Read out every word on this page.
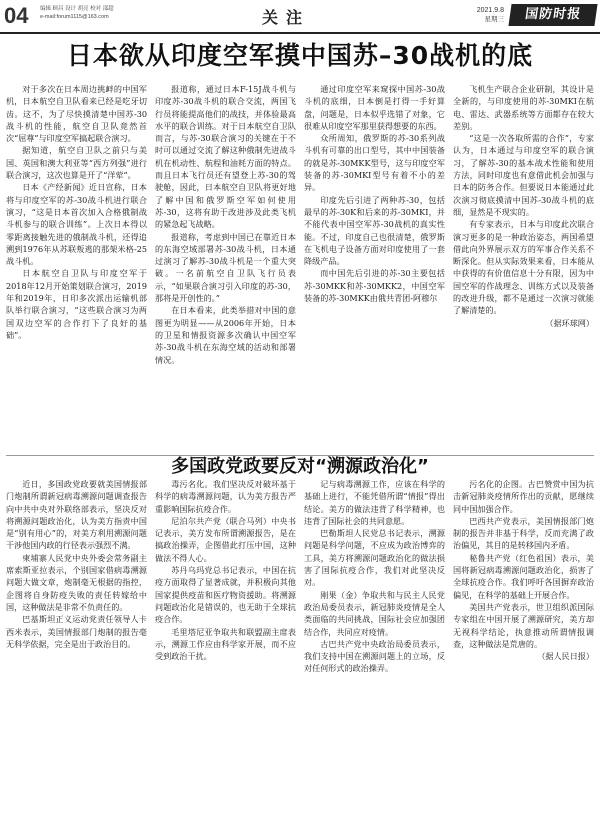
04 编辑 顾昌 设计 胡亮 校对 邵超
e-mail:forum1115@163.com	关注	2021.9.8
星期三	国防时报
日本欲从印度空军摸中国苏–30战机的底

对于多次在日本周边挑衅的中国军机，日本航空自卫队看来已经是吃牙切齿。这不，为了尽快摸清楚中国苏-30战斗机的性能，航空自卫队竟然首次“屈尊”与印度空军搞起联合演习。

据知道，航空自卫队之前只与美国、英国和澳大利亚等“西方列强”进行联合演习，这次也算是开了“洋荤”。

日本《产经新闻》近日宣称，日本将与印度空军的苏-30战斗机进行联合演习，“这是日本首次加入合格俄制战斗机参与的联合训练”。上次日本得以零距离接触先进的俄制战斗机，还得追溯到1976年从苏联叛逃的那架米格-25战斗机。

日本航空自卫队与印度空军于2018年12月开始策划联合演习，2019年和2019年，日印多次派出运输机部队举行联合演习，“这些联合演习为两国双边空军的合作打下了良好的基础”。

报道称，通过日本F-15J战斗机与印度苏-30战斗机的联合交流，两国飞行员将能提高他们的战技，并体验最高水平的联合训练。对于日本航空自卫队而言，与苏-30联合演习的关键在于不时可以通过交流了解这种俄制先进战斗机在机动性、航程和油耗方面的特点。而且日本飞行员还有望登上苏-30的驾驶舱，因此，日本航空自卫队将更好地了解中国和俄罗斯空军如何使用苏-30，这将有助于改进涉及此类飞机的紧急起飞战略。

报道称，考虑到中国已在靠近日本的东海空域部署苏-30战斗机，日本通过演习了解苏-30战斗机是一个重大突破。一名前航空自卫队飞行员表示，“如果联合演习引入印度的苏-30，那将是开创性的。”

在日本看来，此类举措对中国的意图更为明显——从2006年开始，日本的卫星和情报资源多次确认中国空军苏-30战斗机在东海空域的活动和部署情况。

通过印度空军来窥探中国苏-30战斗机的底细，日本倒是打得一手好算盘，问题是，日本似乎选错了对象，它很难从印度空军那里获得想要的东西。

众所周知，俄罗斯的苏-30系列战斗机有可靠的出口型号，其中中国装备的就是苏-30MKK型号，这与印度空军装备的苏-30MKI型号有着不小的差异。

印度先后引进了两种苏-30，包括最早的苏-30K和后来的苏-30MKI，并不能代表中国空军苏-30战机的真实性能。不过，印度自己也很清楚，俄罗斯在飞机电子设备方面对印度使用了一套降级产品。

而中国先后引进的苏-30主要包括苏-30MKK和苏-30MKK2，中国空军装备的苏-30MKK由俄共青团-阿穆尔

飞机生产联合企业研制，其设计是全新的，与印度使用的苏-30MKI在航电、雷达、武器系统等方面都存在较大差别。

“这是一次各取所需的合作”，专家认为，日本通过与印度空军的联合演习，了解苏-30的基本战术性能和使用方法，同时印度也有意借此机会加强与日本的防务合作。但要说日本能通过此次演习彻底摸清中国苏-30战斗机的底细，显然是不现实的。

有专家表示，日本与印度此次联合演习更多的是一种政治姿态，两国希望借此向外界展示双方的军事合作关系不断深化。但从实际效果来看，日本能从中获得的有价值信息十分有限，因为中国空军的作战理念、训练方式以及装备的改进升级，都不是通过一次演习就能了解清楚的。

（据环球网）

多国政党政要反对“溯源政治化”

近日，多国政党政要就美国情报部门炮制所谓新冠病毒溯源问题调查报告向中共中央对外联络部表示，坚决反对将溯源问题政治化，认为美方指责中国是“别有用心”的，对美方利用溯源问题干涉他国内政的行径表示强烈不满。

柬埔寨人民党中央外委会常务副主席索斯亚拉表示，个别国家借病毒溯源问题大做文章，炮制毫无根据的指控，企图将自身防疫失败的责任转嫁给中国，这种做法是非常不负责任的。

巴基斯坦正义运动党责任领导人卡西米表示，美国情报部门炮制的报告毫无科学依据，完全是出于政治目的。

毒污名化。我们坚决反对破坏基于科学的病毒溯源问题，认为美方报告严重影响国际抗疫合作。

尼泊尔共产党（联合马列）中央书记表示，美方发布所谓溯源报告，是在搞政治操弄，企图借此打压中国，这种做法不得人心。

苏丹乌玛党总书记表示，中国在抗疫方面取得了显著成就，并积极向其他国家提供疫苗和医疗物资援助。将溯源问题政治化是错误的，也无助于全球抗疫合作。

毛里塔尼亚争取共和联盟副主席表示，溯源工作应由科学家开展，而不应受到政治干扰。

记与病毒溯源工作，应该在科学的基础上进行，不能凭借所谓“情报”得出结论。美方的做法违背了科学精神，也违背了国际社会的共同意愿。

巴勒斯坦人民党总书记表示，溯源问题是科学问题，不应成为政治博弈的工具，美方将溯源问题政治化的做法损害了国际抗疫合作，我们对此坚决反对。

刚果（金）争取共和与民主人民党政治局委员表示，新冠肺炎疫情是全人类面临的共同挑战，国际社会应加强团结合作，共同应对疫情。

古巴共产党中央政治局委员表示，我们支持中国在溯源问题上的立场，反对任何形式的政治操弄。

污名化的企图。古巴赞赏中国为抗击新冠肺炎疫情所作出的贡献，愿继续同中国加强合作。

巴西共产党表示，美国情报部门炮制的报告并非基于科学，反而充满了政治偏见，其目的是转移国内矛盾。

秘鲁共产党（红色祖国）表示，美国将新冠病毒溯源问题政治化，损害了全球抗疫合作。我们呼吁各国摒弃政治偏见，在科学的基础上开展合作。

美国共产党表示，世卫组织派国际专家组在中国开展了溯源研究，美方却无视科学结论，执意推动所谓情报调查，这种做法是荒唐的。

（据人民日报）
